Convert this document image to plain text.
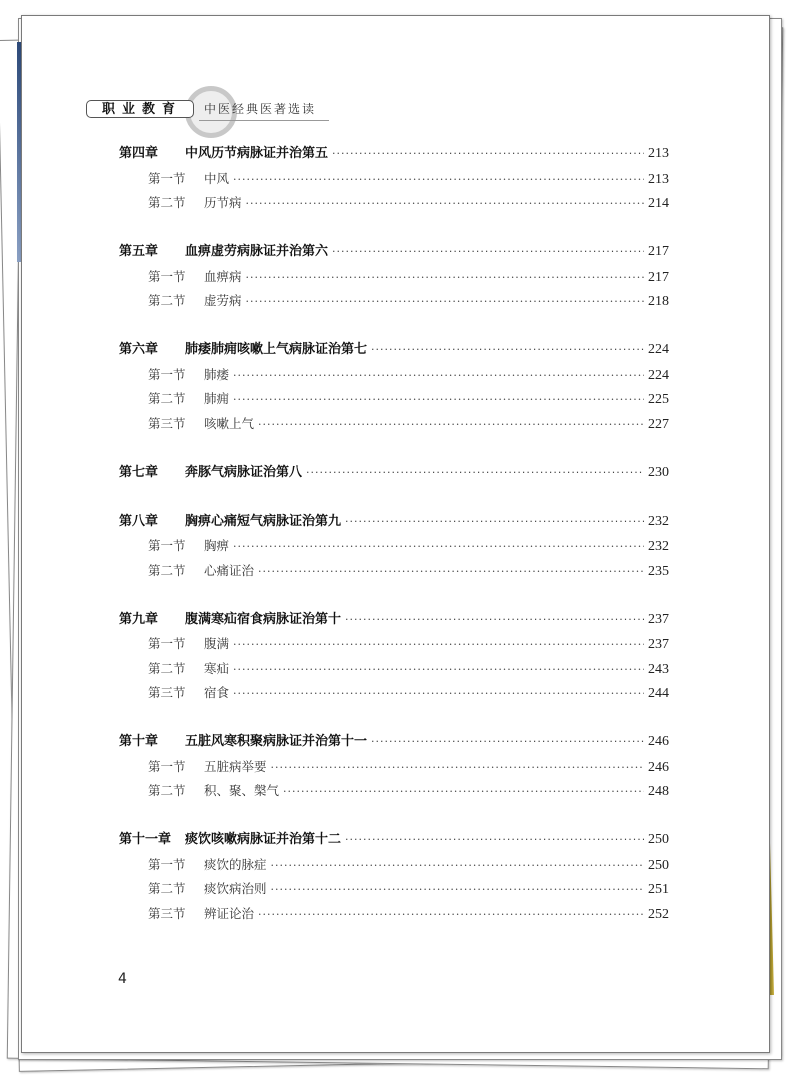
职业教育	中医经典医著选读
第四章	中风历节病脉证并治第五 ·····	213
第一节	中风 ·····	213
第二节	历节病 ·····	214
第五章	血痹虚劳病脉证并治第六 ·····	217
第一节	血痹病 ·····	217
第二节	虚劳病 ·····	218
第六章	肺痿肺痈咳嗽上气病脉证治第七 ·····	224
第一节	肺痿 ·····	224
第二节	肺痈 ·····	225
第三节	咳嗽上气 ·····	227
第七章	奔豚气病脉证治第八 ·····	230
第八章	胸痹心痛短气病脉证治第九 ·····	232
第一节	胸痹 ·····	232
第二节	心痛证治 ·····	235
第九章	腹满寒疝宿食病脉证治第十 ·····	237
第一节	腹满 ·····	237
第二节	寒疝 ·····	243
第三节	宿食 ·····	244
第十章	五脏风寒积聚病脉证并治第十一 ·····	246
第一节	五脏病举要 ·····	246
第二节	积、聚、槃气 ·····	248
第十一章	痰饮咳嗽病脉证并治第十二 ·····	250
第一节	痰饮的脉症 ·····	250
第二节	痰饮病治则 ·····	251
第三节	辨证论治 ·····	252
4
